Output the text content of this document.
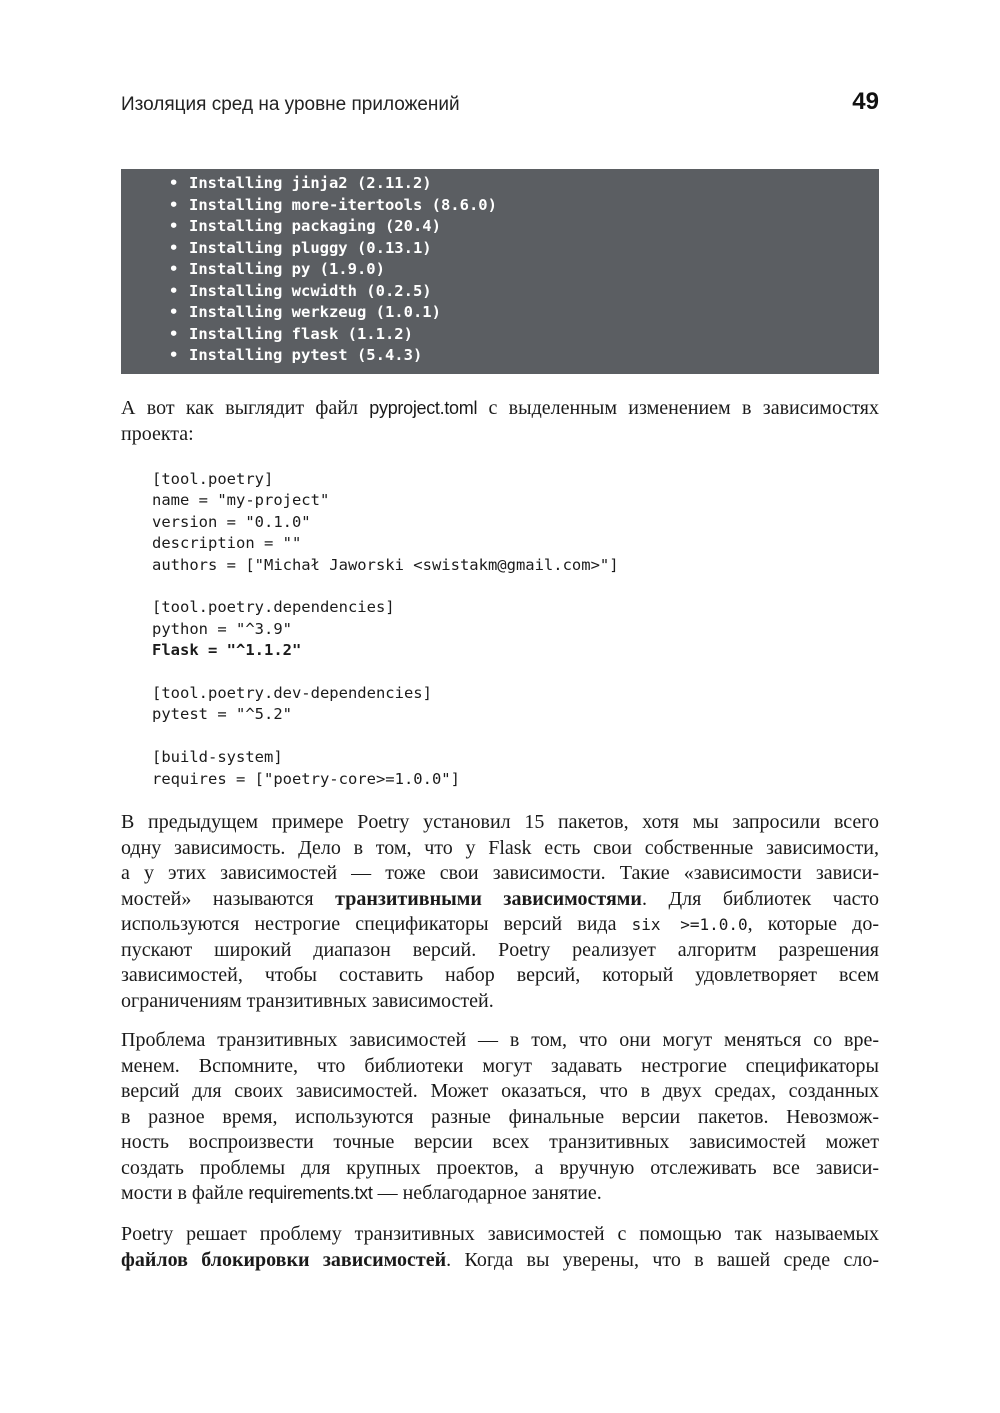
Изоляция сред на уровне приложений	49
• Installing jinja2 (2.11.2)
• Installing more-itertools (8.6.0)
• Installing packaging (20.4)
• Installing pluggy (0.13.1)
• Installing py (1.9.0)
• Installing wcwidth (0.2.5)
• Installing werkzeug (1.0.1)
• Installing flask (1.1.2)
• Installing pytest (5.4.3)

А вот как выглядит файл pyproject.toml с выделенным изменением в зависимостях
проекта:

[tool.poetry]
name = "my-project"
version = "0.1.0"
description = ""
authors = ["Michał Jaworski <swistakm@gmail.com>"]
[tool.poetry.dependencies]
python = "^3.9"
Flask = "^1.1.2"
[tool.poetry.dev-dependencies]
pytest = "^5.2"
[build-system]
requires = ["poetry-core>=1.0.0"]

В предыдущем примере Poetry установил 15 пакетов, хотя мы запросили всего
одну зависимость. Дело в том, что у Flask есть свои собственные зависимости,
а у этих зависимостей — тоже свои зависимости. Такие «зависимости зависи-
мостей» называются транзитивными зависимостями. Для библиотек часто
используются нестрогие спецификаторы версий вида six >=1.0.0, которые до-
пускают широкий диапазон версий. Poetry реализует алгоритм разрешения
зависимостей, чтобы составить набор версий, который удовлетворяет всем
ограничениям транзитивных зависимостей.

Проблема транзитивных зависимостей — в том, что они могут меняться со вре-
менем. Вспомните, что библиотеки могут задавать нестрогие спецификаторы
версий для своих зависимостей. Может оказаться, что в двух средах, созданных
в разное время, используются разные финальные версии пакетов. Невозмож-
ность воспроизвести точные версии всех транзитивных зависимостей может
создать проблемы для крупных проектов, а вручную отслеживать все зависи-
мости в файле requirements.txt — неблагодарное занятие.

Poetry решает проблему транзитивных зависимостей с помощью так называемых
файлов блокировки зависимостей. Когда вы уверены, что в вашей среде сло-
